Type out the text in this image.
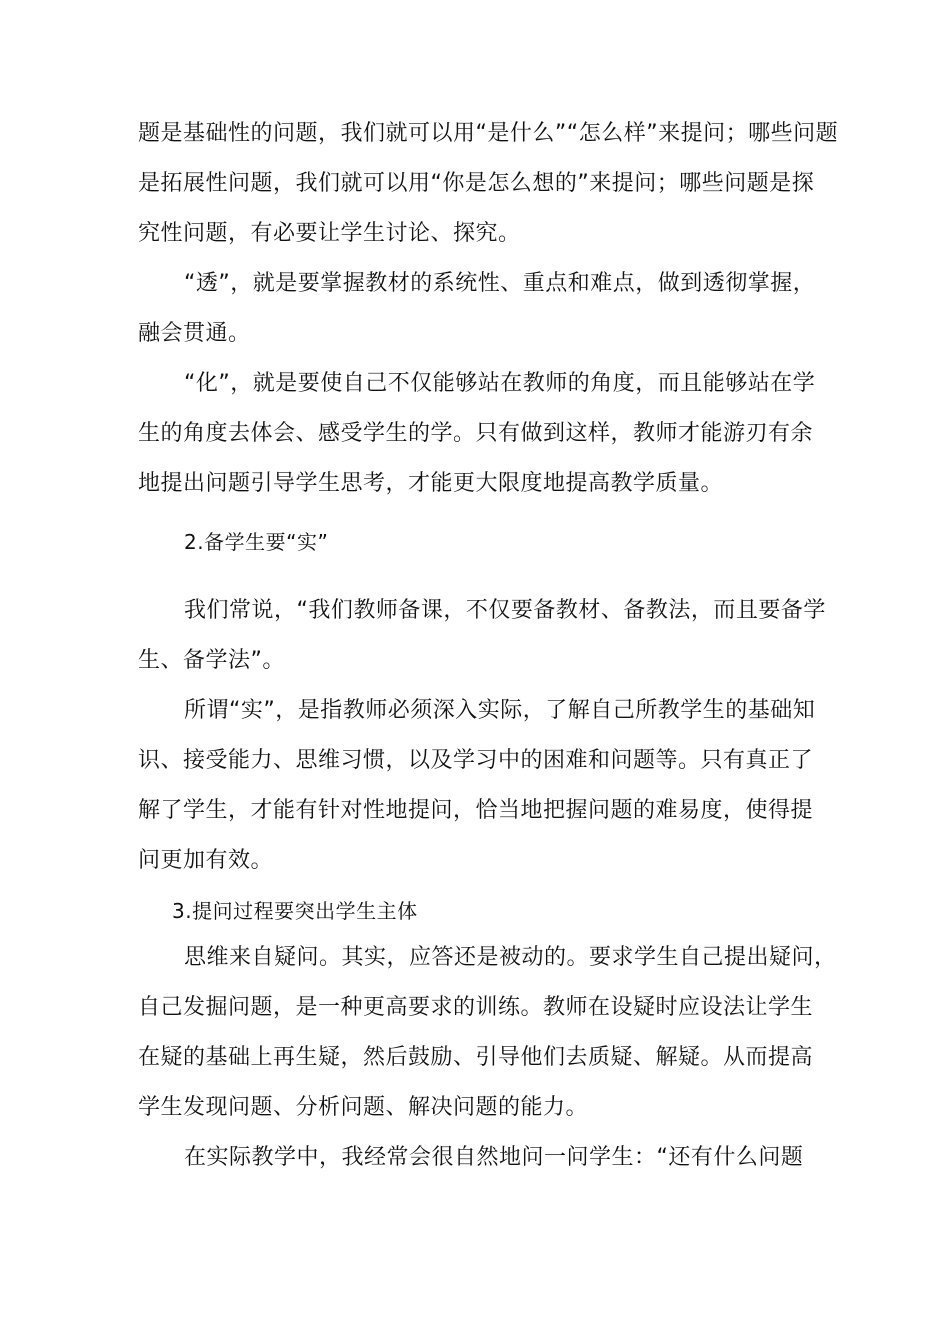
题是基础性的问题，我们就可以用“是什么”“怎么样”来提问；哪些问题
是拓展性问题，我们就可以用“你是怎么想的”来提问；哪些问题是探
究性问题，有必要让学生讨论、探究。
“透”，就是要掌握教材的系统性、重点和难点，做到透彻掌握，
融会贯通。
“化”，就是要使自己不仅能够站在教师的角度，而且能够站在学
生的角度去体会、感受学生的学。只有做到这样，教师才能游刃有余
地提出问题引导学生思考，才能更大限度地提高教学质量。
2.备学生要“实”
我们常说，“我们教师备课，不仅要备教材、备教法，而且要备学
生、备学法”。
所谓“实”，是指教师必须深入实际，了解自己所教学生的基础知
识、接受能力、思维习惯，以及学习中的困难和问题等。只有真正了
解了学生，才能有针对性地提问，恰当地把握问题的难易度，使得提
问更加有效。
3.提问过程要突出学生主体
思维来自疑问。其实，应答还是被动的。要求学生自己提出疑问，
自己发掘问题，是一种更高要求的训练。教师在设疑时应设法让学生
在疑的基础上再生疑，然后鼓励、引导他们去质疑、解疑。从而提高
学生发现问题、分析问题、解决问题的能力。
在实际教学中，我经常会很自然地问一问学生：“还有什么问题
